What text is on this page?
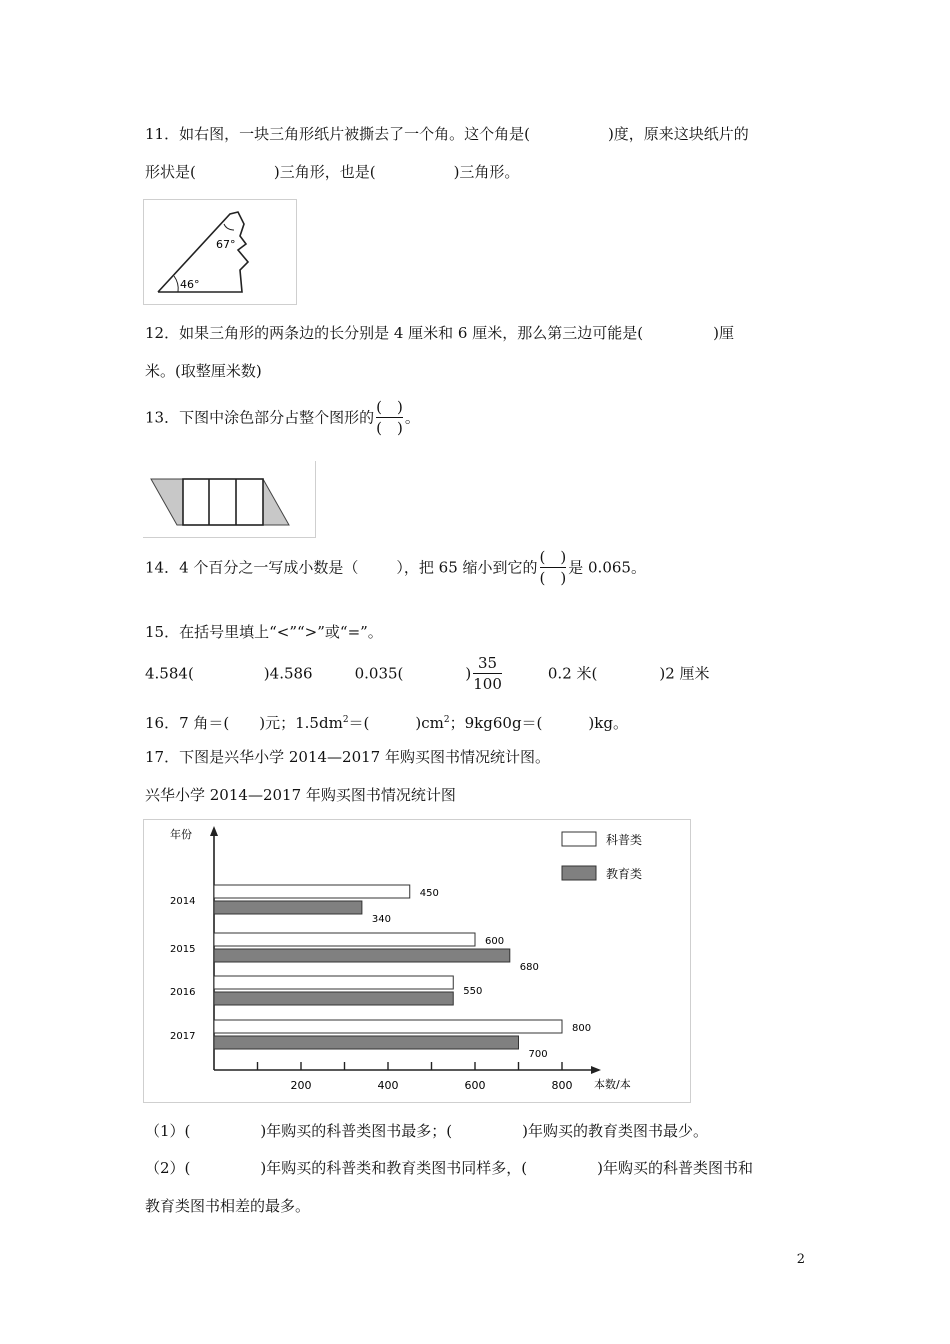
11．如右图，一块三角形纸片被撕去了一个角。这个角是(	)度，原来这块纸片的
形状是(	)三角形，也是(	)三角形。
67°
46°
12．如果三角形的两条边的长分别是 4 厘米和 6 厘米，那么第三边可能是(	)厘
米。(取整厘米数)
13．下图中涂色部分占整个图形的 $\frac{( )}{( )}$ 。
14．4 个百分之一写成小数是（	），把 65 缩小到它的 $\frac{( )}{( )}$ 是 0.065。
15．在括号里填上“<”“>”或“=”。
4.584(	)4.586	0.035(	) $\frac{35}{100}$	0.2 米(	)2 厘米
16．7 角＝( )元；$1.5dm^2=$(	)$cm^2$；9kg60g＝(	)kg。
17．下图是兴华小学 2014—2017 年购买图书情况统计图。
兴华小学 2014—2017 年购买图书情况统计图
年份
本数/本
200	400	600	800
2014
450
340
2015
600
680
2016	550
2017
800
700
科普类
教育类
（1）(	)年购买的科普类图书最多；(	)年购买的教育类图书最少。
（2）(	)年购买的科普类和教育类图书同样多，(	)年购买的科普类图书和
教育类图书相差的最多。
2
